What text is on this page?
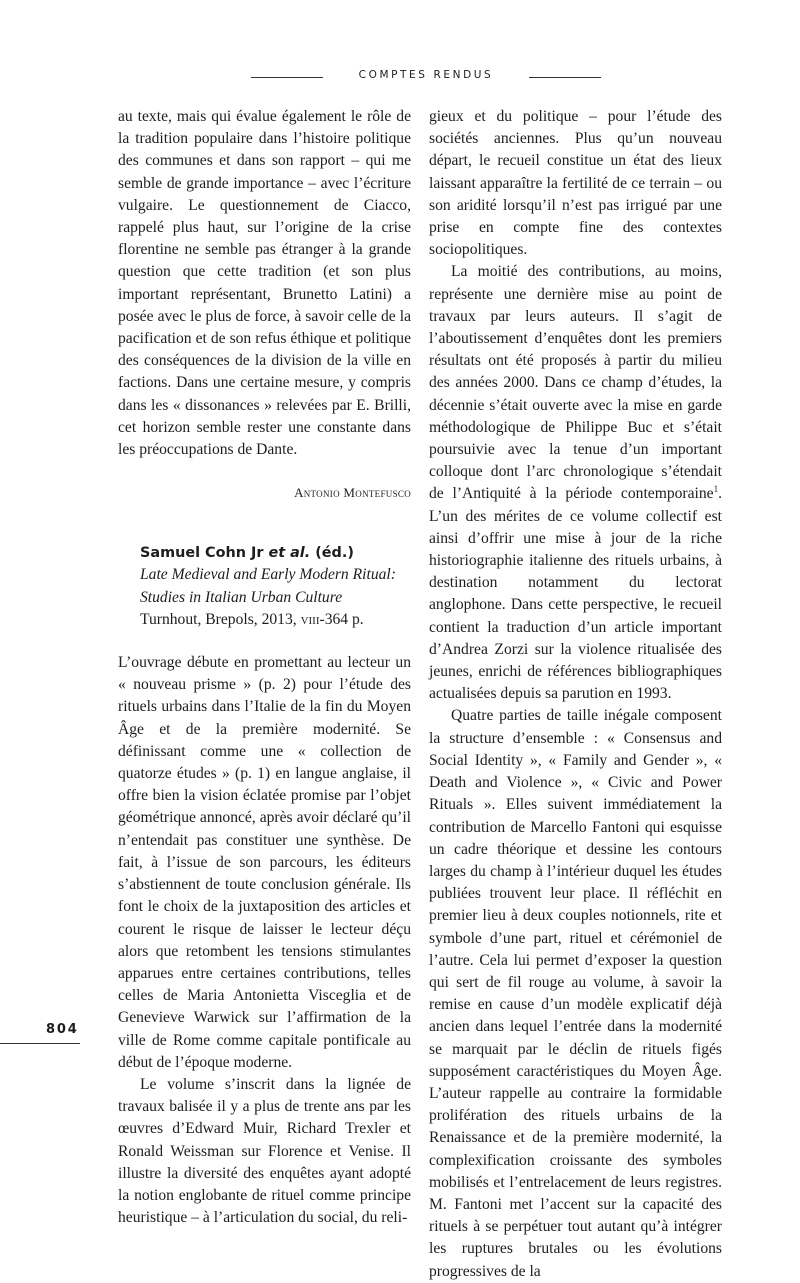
COMPTES RENDUS

au texte, mais qui évalue également le rôle de la tradition populaire dans l’histoire politique des communes et dans son rapport – qui me semble de grande importance – avec l’écriture vulgaire. Le questionnement de Ciacco, rappelé plus haut, sur l’origine de la crise florentine ne semble pas étranger à la grande question que cette tradition (et son plus important représentant, Brunetto Latini) a posée avec le plus de force, à savoir celle de la pacification et de son refus éthique et politique des conséquences de la division de la ville en factions. Dans une certaine mesure, y compris dans les « dissonances » relevées par E. Brilli, cet horizon semble rester une constante dans les préoccupations de Dante.

Antonio Montefusco

Samuel Cohn Jr et al. (éd.)
Late Medieval and Early Modern Ritual: Studies in Italian Urban Culture
Turnhout, Brepols, 2013, viii-364 p.

L’ouvrage débute en promettant au lecteur un « nouveau prisme » (p. 2) pour l’étude des rituels urbains dans l’Italie de la fin du Moyen Âge et de la première modernité. Se définissant comme une « collection de quatorze études » (p. 1) en langue anglaise, il offre bien la vision éclatée promise par l’objet géométrique annoncé, après avoir déclaré qu’il n’entendait pas constituer une synthèse. De fait, à l’issue de son parcours, les éditeurs s’abstiennent de toute conclusion générale. Ils font le choix de la juxtaposition des articles et courent le risque de laisser le lecteur déçu alors que retombent les tensions stimulantes apparues entre certaines contributions, telles celles de Maria Antonietta Visceglia et de Genevieve Warwick sur l’affirmation de la ville de Rome comme capitale pontificale au début de l’époque moderne.

Le volume s’inscrit dans la lignée de travaux balisée il y a plus de trente ans par les œuvres d’Edward Muir, Richard Trexler et Ronald Weissman sur Florence et Venise. Il illustre la diversité des enquêtes ayant adopté la notion englobante de rituel comme principe heuristique – à l’articulation du social, du reli-

gieux et du politique – pour l’étude des sociétés anciennes. Plus qu’un nouveau départ, le recueil constitue un état des lieux laissant apparaître la fertilité de ce terrain – ou son aridité lorsqu’il n’est pas irrigué par une prise en compte fine des contextes sociopolitiques.

La moitié des contributions, au moins, représente une dernière mise au point de travaux par leurs auteurs. Il s’agit de l’aboutissement d’enquêtes dont les premiers résultats ont été proposés à partir du milieu des années 2000. Dans ce champ d’études, la décennie s’était ouverte avec la mise en garde méthodologique de Philippe Buc et s’était poursuivie avec la tenue d’un important colloque dont l’arc chronologique s’étendait de l’Antiquité à la période contemporaine$^1$. L’un des mérites de ce volume collectif est ainsi d’offrir une mise à jour de la riche historiographie italienne des rituels urbains, à destination notamment du lectorat anglophone. Dans cette perspective, le recueil contient la traduction d’un article important d’Andrea Zorzi sur la violence ritualisée des jeunes, enrichi de références bibliographiques actualisées depuis sa parution en 1993.

Quatre parties de taille inégale composent la structure d’ensemble : « Consensus and Social Identity », « Family and Gender », « Death and Violence », « Civic and Power Rituals ». Elles suivent immédiatement la contribution de Marcello Fantoni qui esquisse un cadre théorique et dessine les contours larges du champ à l’intérieur duquel les études publiées trouvent leur place. Il réfléchit en premier lieu à deux couples notionnels, rite et symbole d’une part, rituel et cérémoniel de l’autre. Cela lui permet d’exposer la question qui sert de fil rouge au volume, à savoir la remise en cause d’un modèle explicatif déjà ancien dans lequel l’entrée dans la modernité se marquait par le déclin de rituels figés supposément caractéristiques du Moyen Âge. L’auteur rappelle au contraire la formidable prolifération des rituels urbains de la Renaissance et de la première modernité, la complexification croissante des symboles mobilisés et l’entrelacement de leurs registres. M. Fantoni met l’accent sur la capacité des rituels à se perpétuer tout autant qu’à intégrer les ruptures brutales ou les évolutions progressives de la

804
